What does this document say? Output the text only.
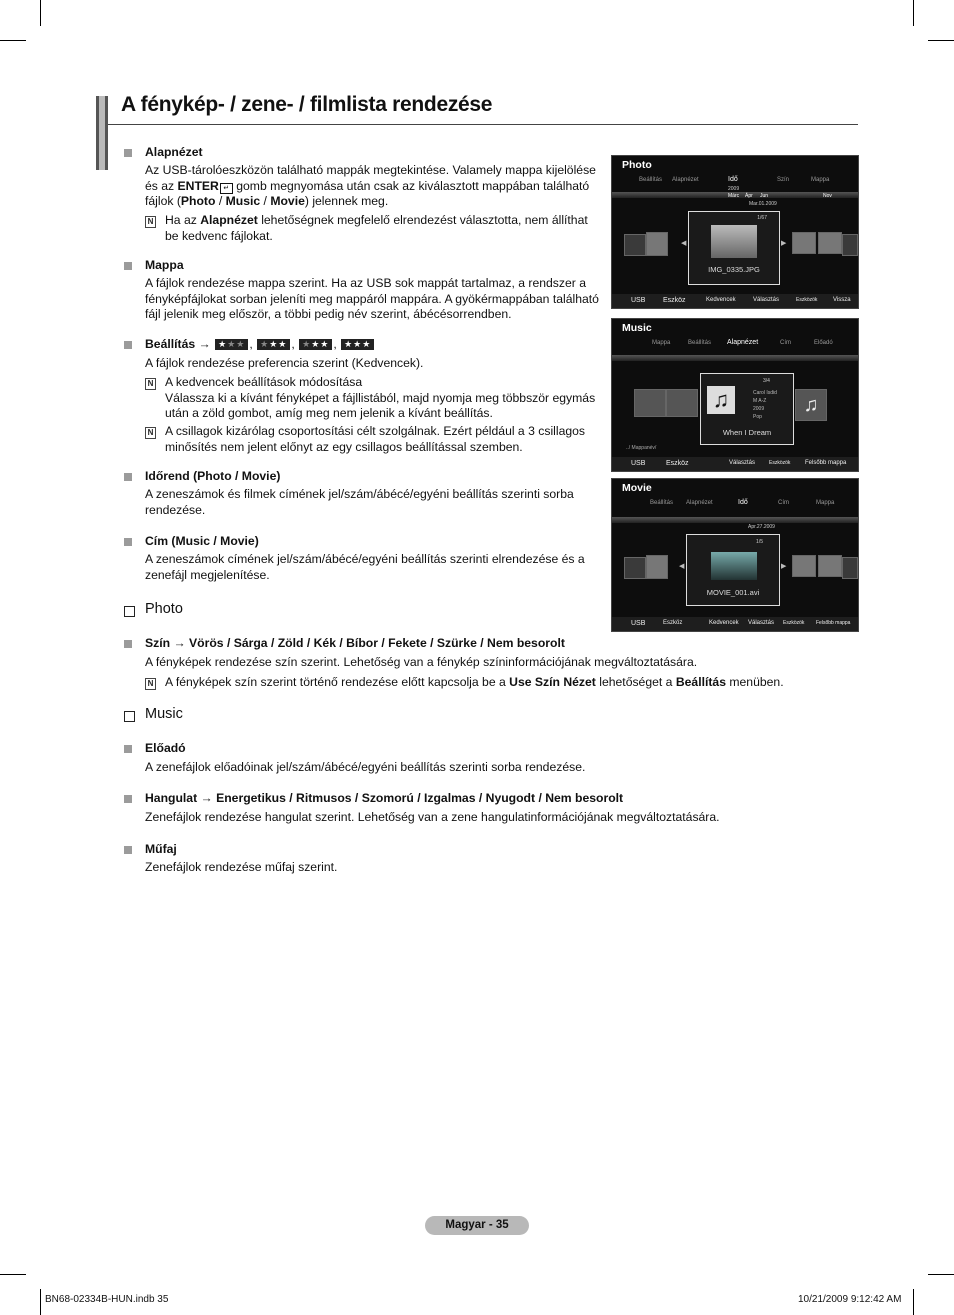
A fénykép- / zene- / filmlista rendezése
Alapnézet
Az USB-tárolóeszközön található mappák megtekintése. Valamely mappa kijelölése
és az ENTER ↵ gomb megnyomása után csak az kiválasztott mappában található
fájlok (Photo / Music / Movie) jelennek meg.
N Ha az Alapnézet lehetőségnek megfelelő elrendezést választotta, nem állíthat
be kedvenc fájlokat.
Mappa
A fájlok rendezése mappa szerint. Ha az USB sok mappát tartalmaz, a rendszer a
fényképfájlokat sorban jeleníti meg mappáról mappára. A gyökérmappában található
fájl jelenik meg először, a többi pedig név szerint, ábécésorrendben.
Beállítás → ★★★ , ★★★ , ★★★ , ★★★
A fájlok rendezése preferencia szerint (Kedvencek).
N A kedvencek beállítások módosítása
Válassza ki a kívánt fényképet a fájllistából, majd nyomja meg többször egymás
után a zöld gombot, amíg meg nem jelenik a kívánt beállítás.
N A csillagok kizárólag csoportosítási célt szolgálnak. Ezért például a 3 csillagos
minősítés nem jelent előnyt az egy csillagos beállítással szemben.
Időrend (Photo / Movie)
A zeneszámok és filmek címének jel/szám/ábécé/egyéni beállítás szerinti sorba
rendezése.
Cím (Music / Movie)
A zeneszámok címének jel/szám/ábécé/egyéni beállítás szerinti elrendezése és a
zenefájl megjelenítése.
Photo
Szín → Vörös / Sárga / Zöld / Kék / Bíbor / Fekete / Szürke / Nem besorolt
A fényképek rendezése szín szerint. Lehetőség van a fénykép színinformációjának megváltoztatására.
N A fényképek szín szerint történő rendezése előtt kapcsolja be a Use Szín Nézet lehetőséget a Beállítás menüben.
Music
Előadó
A zenefájlok előadóinak jel/szám/ábécé/egyéni beállítás szerinti sorba rendezése.
Hangulat → Energetikus / Ritmusos / Szomorú / Izgalmas / Nyugodt / Nem besorolt
Zenefájlok rendezése hangulat szerint. Lehetőség van a zene hangulatinformációjának megváltoztatására.
Műfaj
Zenefájlok rendezése műfaj szerint.
Photo
Beállítás Alapnézet	Idő	Szín	Mappa
2009
Márc Ápr Jun	Nov
Mar.01.2009
◀
1/67
IMG_0335.JPG
▶
USB	Eszköz	Kedvencek	Választás	Eszközök	Vissza
Music
Mappa	Beállítás Alapnézet	Cím	Előadó
3/4
♫	Carol Isdid
M A-Z
2009
Pop
When I Dream
♫
../ Mappanév/
USB	Eszköz	Választás	Eszközök Felsőbb mappa
Movie
Beállítás Alapnézet	Idő	Cím	Mappa
Apr.27.2009
◀
1/5
MOVIE_001.avi
▶
USB	Eszköz	Kedvencek Választás Eszközök Felsőbb mappa
Magyar - 35
BN68-02334B-HUN.indb 35	10/21/2009 9:12:42 AM
